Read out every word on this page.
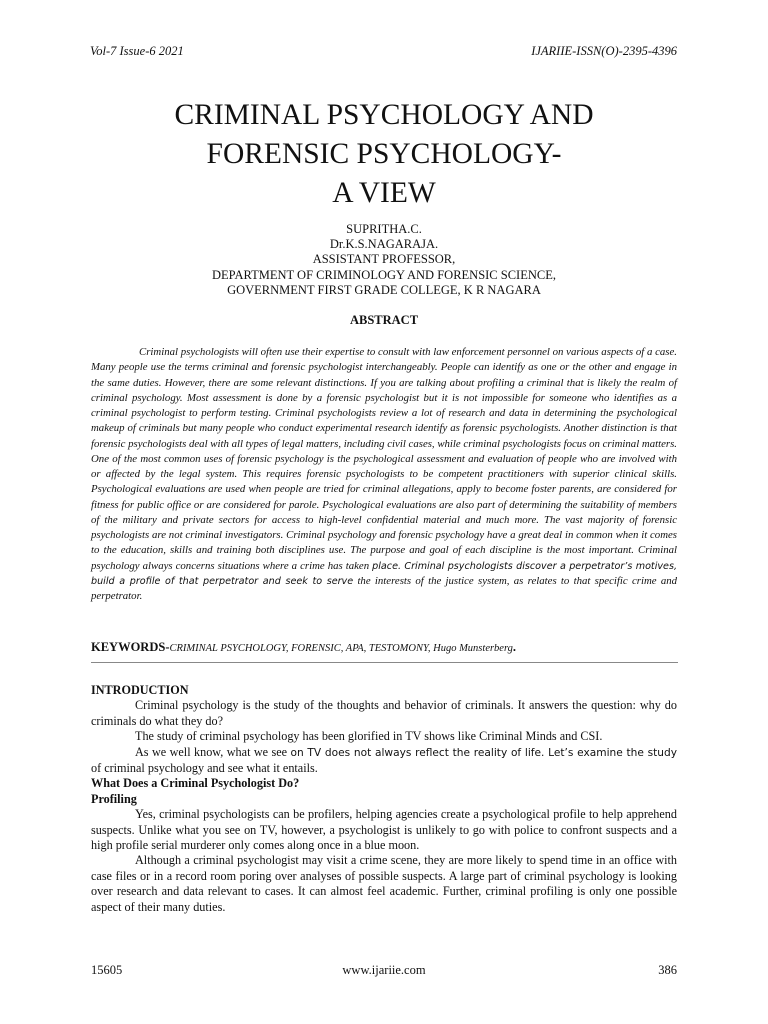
Vol-7 Issue-6 2021	IJARIIE-ISSN(O)-2395-4396
CRIMINAL PSYCHOLOGY AND
FORENSIC PSYCHOLOGY-
A VIEW
SUPRITHA.C.
Dr.K.S.NAGARAJA.
ASSISTANT PROFESSOR,
DEPARTMENT OF CRIMINOLOGY AND FORENSIC SCIENCE,
GOVERNMENT FIRST GRADE COLLEGE, K R NAGARA
ABSTRACT

Criminal psychologists will often use their expertise to consult with law enforcement personnel on various aspects of a case. Many people use the terms criminal and forensic psychologist interchangeably. People can identify as one or the other and engage in the same duties. However, there are some relevant distinctions. If you are talking about profiling a criminal that is likely the realm of criminal psychology. Most assessment is done by a forensic psychologist but it is not impossible for someone who identifies as a criminal psychologist to perform testing. Criminal psychologists review a lot of research and data in determining the psychological makeup of criminals but many people who conduct experimental research identify as forensic psychologists. Another distinction is that forensic psychologists deal with all types of legal matters, including civil cases, while criminal psychologists focus on criminal matters. One of the most common uses of forensic psychology is the psychological assessment and evaluation of people who are involved with or affected by the legal system. This requires forensic psychologists to be competent practitioners with superior clinical skills. Psychological evaluations are used when people are tried for criminal allegations, apply to become foster parents, are considered for fitness for public office or are considered for parole. Psychological evaluations are also part of determining the suitability of members of the military and private sectors for access to high-level confidential material and much more. The vast majority of forensic psychologists are not criminal investigators. Criminal psychology and forensic psychology have a great deal in common when it comes to the education, skills and training both disciplines use. The purpose and goal of each discipline is the most important. Criminal psychology always concerns situations where a crime has taken place. Criminal psychologists discover a perpetrator’s motives, build a profile of that perpetrator and seek to serve the interests of the justice system, as relates to that specific crime and perpetrator.

KEYWORDS-CRIMINAL PSYCHOLOGY, FORENSIC, APA, TESTOMONY, Hugo Munsterberg.

INTRODUCTION

Criminal psychology is the study of the thoughts and behavior of criminals. It answers the question: why do criminals do what they do?

The study of criminal psychology has been glorified in TV shows like Criminal Minds and CSI.

As we well know, what we see on TV does not always reflect the reality of life. Let’s examine the study of criminal psychology and see what it entails.

What Does a Criminal Psychologist Do?

Profiling

Yes, criminal psychologists can be profilers, helping agencies create a psychological profile to help apprehend suspects. Unlike what you see on TV, however, a psychologist is unlikely to go with police to confront suspects and a high profile serial murderer only comes along once in a blue moon.

Although a criminal psychologist may visit a crime scene, they are more likely to spend time in an office with case files or in a record room poring over analyses of possible suspects. A large part of criminal psychology is looking over research and data relevant to cases. It can almost feel academic. Further, criminal profiling is only one possible aspect of their many duties.

15605	www.ijariie.com	386
